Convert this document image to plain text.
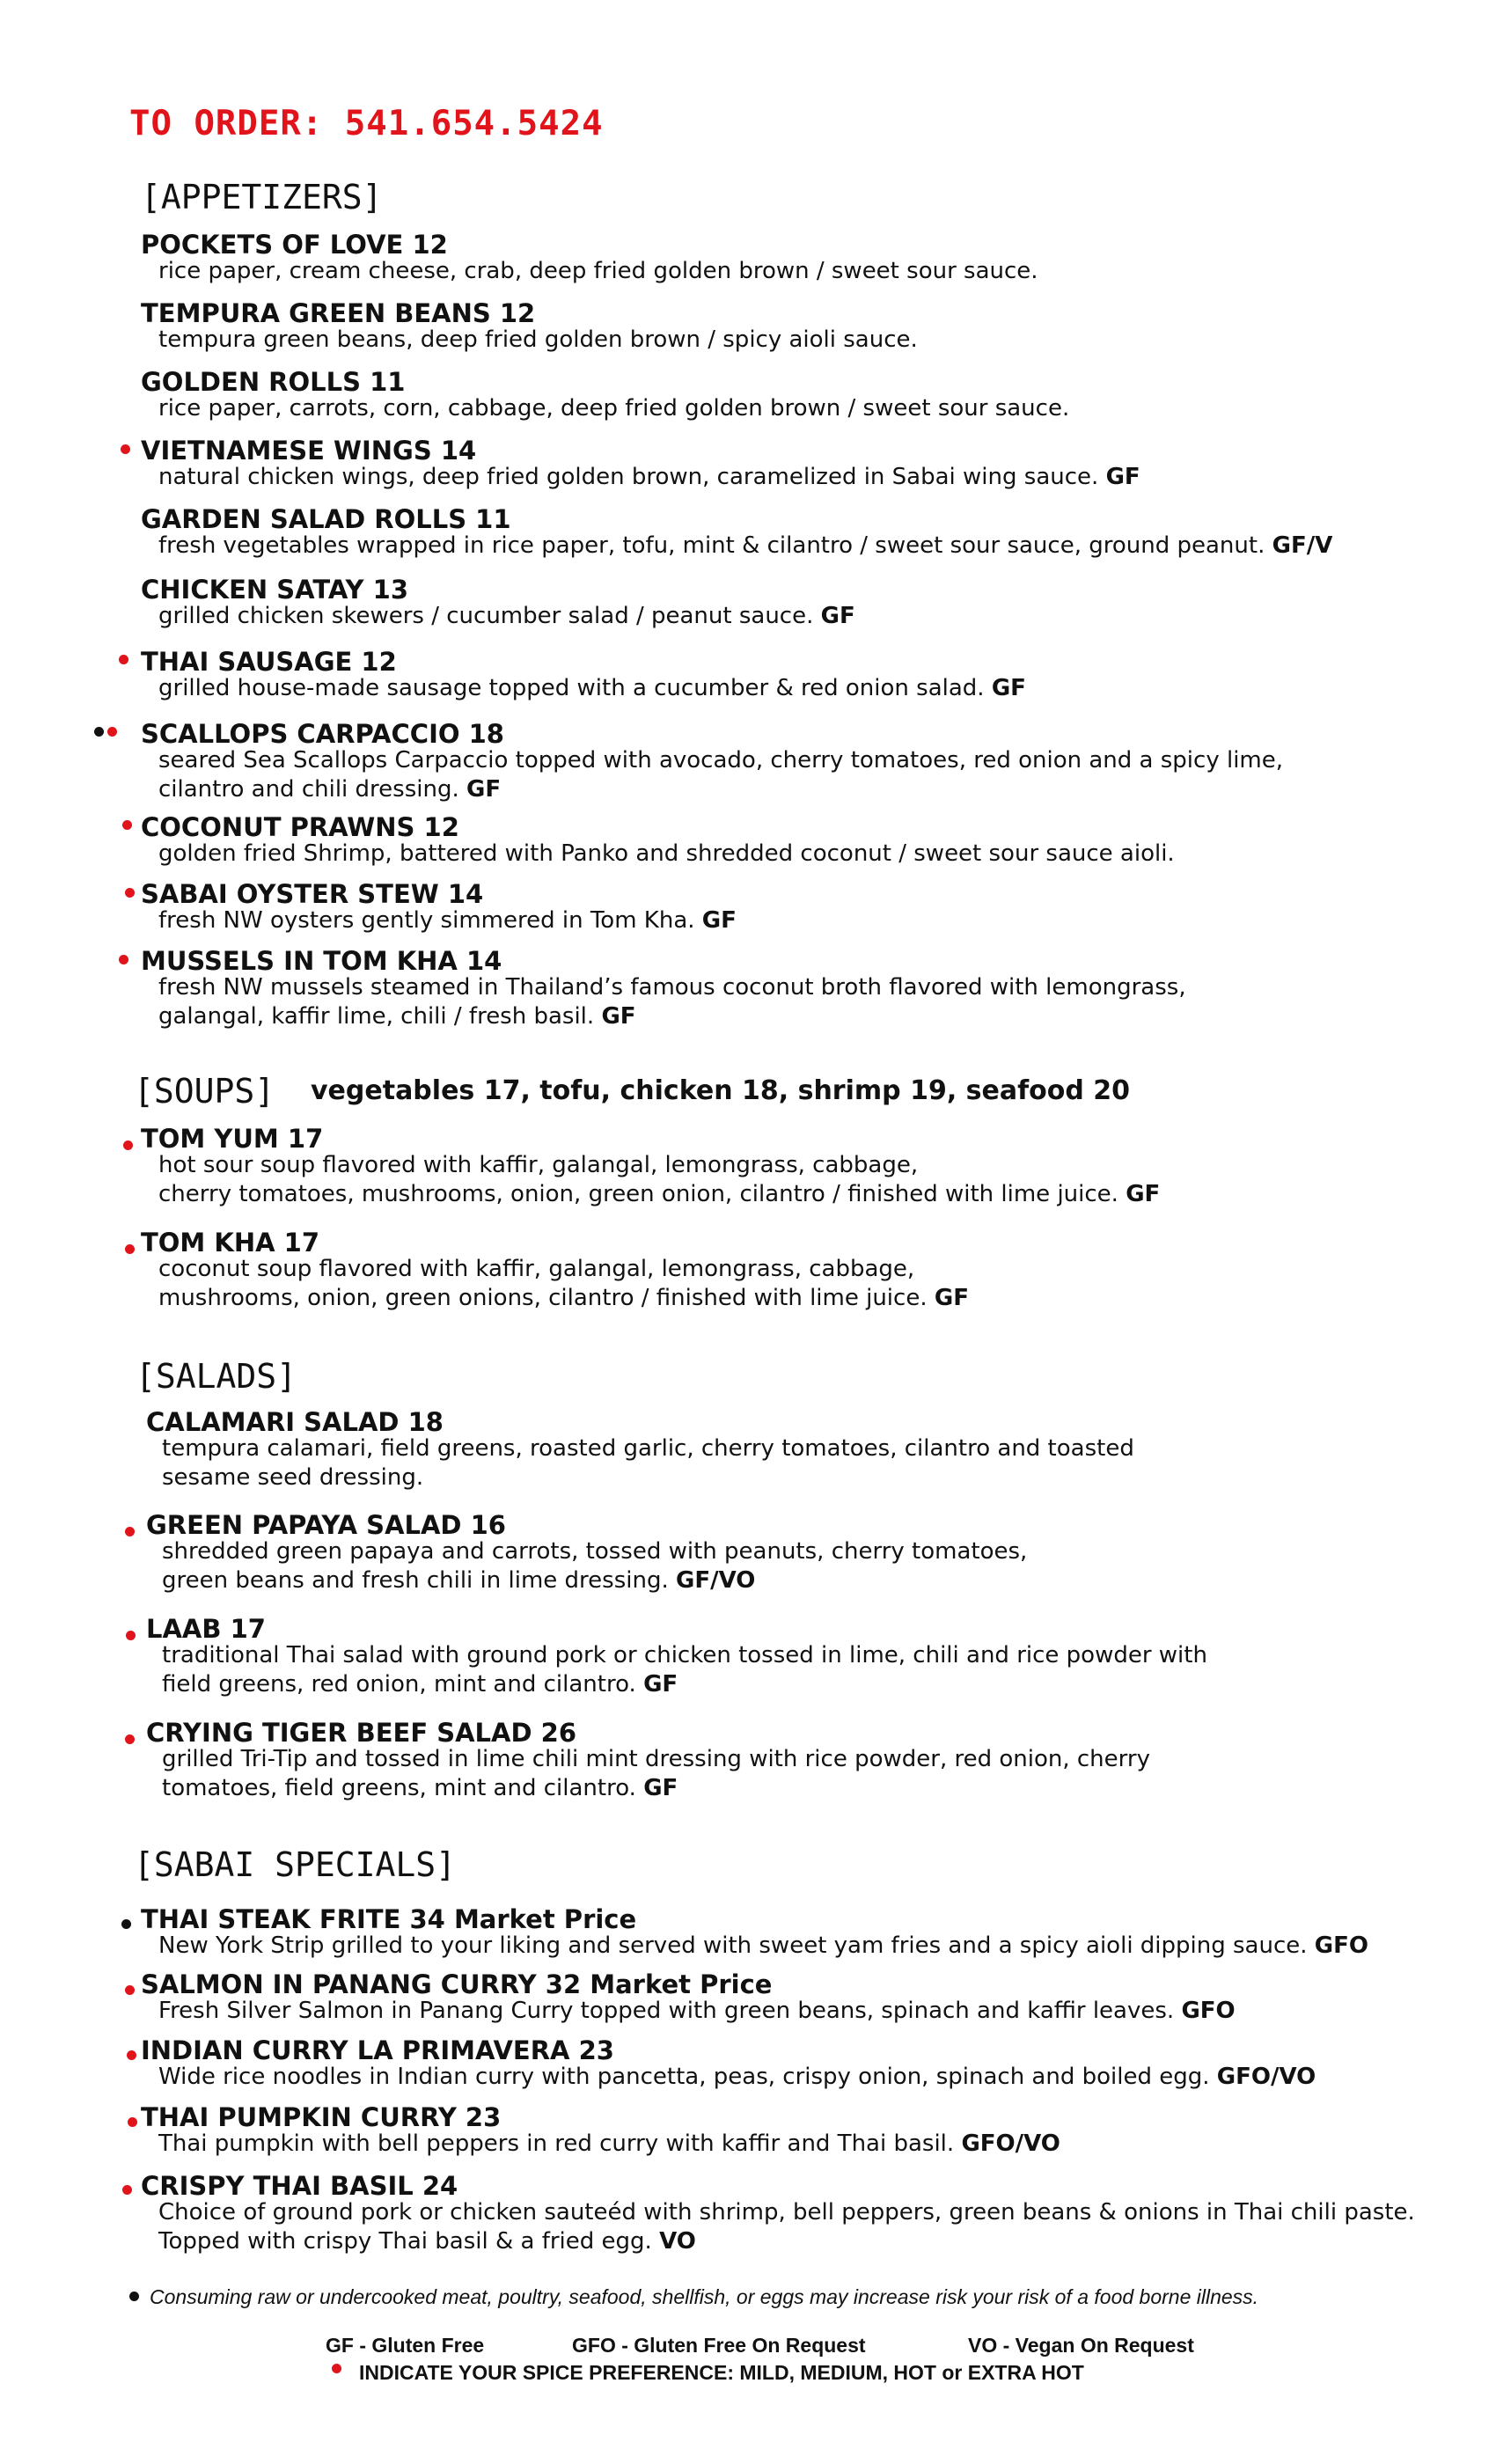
TO ORDER: 541.654.5424
[APPETIZERS]
POCKETS OF LOVE 12
rice paper, cream cheese, crab, deep fried golden brown / sweet sour sauce.
TEMPURA GREEN BEANS 12
tempura green beans, deep fried golden brown / spicy aioli sauce.
GOLDEN ROLLS 11
rice paper, carrots, corn, cabbage, deep fried golden brown / sweet sour sauce.
VIETNAMESE WINGS 14
natural chicken wings, deep fried golden brown, caramelized in Sabai wing sauce. GF
GARDEN SALAD ROLLS 11
fresh vegetables wrapped in rice paper, tofu, mint & cilantro / sweet sour sauce, ground peanut. GF/V
CHICKEN SATAY 13
grilled chicken skewers / cucumber salad / peanut sauce. GF
THAI SAUSAGE 12
grilled house-made sausage topped with a cucumber & red onion salad. GF
SCALLOPS CARPACCIO 18
seared Sea Scallops Carpaccio topped with avocado, cherry tomatoes, red onion and a spicy lime,
cilantro and chili dressing. GF
COCONUT PRAWNS 12
golden fried Shrimp, battered with Panko and shredded coconut / sweet sour sauce aioli.
SABAI OYSTER STEW 14
fresh NW oysters gently simmered in Tom Kha. GF
MUSSELS IN TOM KHA 14
fresh NW mussels steamed in Thailand’s famous coconut broth flavored with lemongrass,
galangal, kaffir lime, chili / fresh basil. GF
[SOUPS] vegetables 17, tofu, chicken 18, shrimp 19, seafood 20
TOM YUM 17
hot sour soup flavored with kaffir, galangal, lemongrass, cabbage,
cherry tomatoes, mushrooms, onion, green onion, cilantro / finished with lime juice. GF
TOM KHA 17
coconut soup flavored with kaffir, galangal, lemongrass, cabbage,
mushrooms, onion, green onions, cilantro / finished with lime juice. GF
[SALADS]
CALAMARI SALAD 18
tempura calamari, field greens, roasted garlic, cherry tomatoes, cilantro and toasted
sesame seed dressing.
GREEN PAPAYA SALAD 16
shredded green papaya and carrots, tossed with peanuts, cherry tomatoes,
green beans and fresh chili in lime dressing. GF/VO
LAAB 17
traditional Thai salad with ground pork or chicken tossed in lime, chili and rice powder with
field greens, red onion, mint and cilantro. GF
CRYING TIGER BEEF SALAD 26
grilled Tri-Tip and tossed in lime chili mint dressing with rice powder, red onion, cherry
tomatoes, field greens, mint and cilantro. GF
[SABAI SPECIALS]
THAI STEAK FRITE 34 Market Price
New York Strip grilled to your liking and served with sweet yam fries and a spicy aioli dipping sauce. GFO
SALMON IN PANANG CURRY 32 Market Price
Fresh Silver Salmon in Panang Curry topped with green beans, spinach and kaffir leaves. GFO
INDIAN CURRY LA PRIMAVERA 23
Wide rice noodles in Indian curry with pancetta, peas, crispy onion, spinach and boiled egg. GFO/VO
THAI PUMPKIN CURRY 23
Thai pumpkin with bell peppers in red curry with kaffir and Thai basil. GFO/VO
CRISPY THAI BASIL 24
Choice of ground pork or chicken sauteéd with shrimp, bell peppers, green beans & onions in Thai chili paste.
Topped with crispy Thai basil & a fried egg. VO
Consuming raw or undercooked meat, poultry, seafood, shellfish, or eggs may increase risk your risk of a food borne illness.
GF - Gluten Free	GFO - Gluten Free On Request	VO - Vegan On Request
INDICATE YOUR SPICE PREFERENCE: MILD, MEDIUM, HOT or EXTRA HOT
